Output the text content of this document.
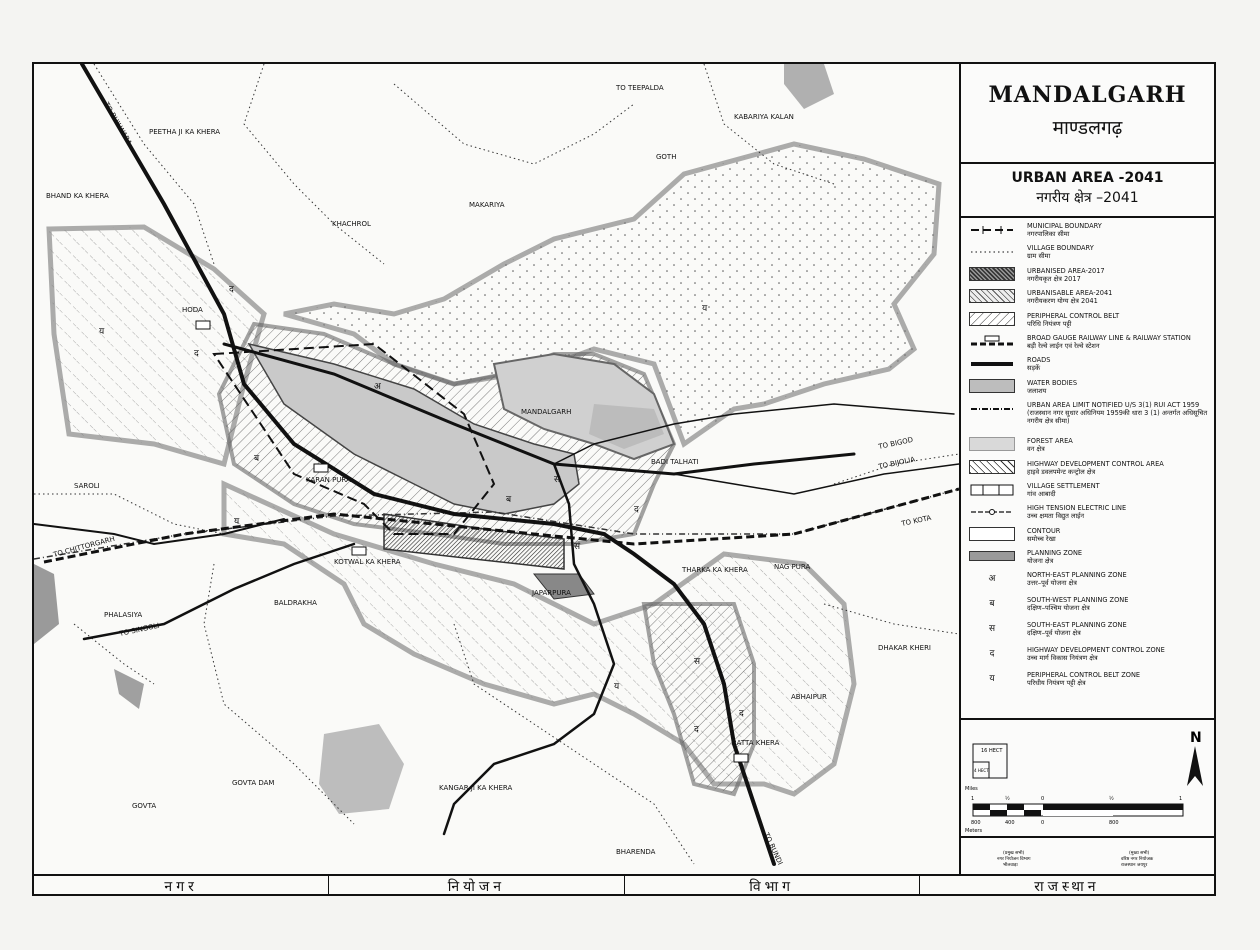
य
द
द
ब
य
अ
स
ब
द
सं
य
य
स
द
द
PEETHA JI KA KHERA
BHAND KA KHERA
KHACHROL
MAKARIYA
GOTH
KABARIYA KALAN
HODA
MANDALGARH
SAROLI
KARAN PURA
BADI TALHATI
KOTWAL KA KHERA
BALDRAKHA
PHALASIYA
JAPARPURA
THARKA KA KHERA	NAG PURA
ABHAIPUR
DHAKAR KHERI
RATTA KHERA
KANGAR JI KA KHERA
GOVTA
BHARENDA
TO BHILWARA
TO TEEPALDA
TO CHITTORGARH
TO SINGOLI
TO BIGOD
TO BIJOLIA
TO KOTA
GOVTA DAM
TO BUNDI
MANDALGARH
माण्डलगढ़
URBAN AREA -2041
नगरीय क्षेत्र –2041
MUNICIPAL BOUNDARY
नगरपालिका सीमा
VILLAGE BOUNDARY
ग्राम सीमा
URBANISED AREA-2017
नगरीयकृत क्षेत्र 2017
URBANISABLE AREA-2041
नगरीयकरण योग्य क्षेत्र 2041
PERIPHERAL CONTROL BELT
परिधि नियंत्रण पट्टी
BROAD GAUGE RAILWAY LINE & RAILWAY STATION
बड़ी रेल्वे लाईन एवं रेल्वे स्टेशन
ROADS
सड़कें
WATER BODIES
जलाशय
URBAN AREA LIMIT NOTIFIED U/S 3(1) RUI ACT 1959
(राजस्थान नगर सुधार अधिनियम 1959की धारा 3 (1) अन्तर्गत अधिसूचित नगरीय क्षेत्र सीमा)
FOREST AREA
वन क्षेत्र
HIGHWAY DEVELOPMENT CONTROL AREA
हाइवे डवलपमेन्ट कन्ट्रोल क्षेत्र
VILLAGE SETTLEMENT
गांव आबादी
HIGH TENSION ELECTRIC LINE
उच्च क्षमता विद्युत लाईन
CONTOUR
समोच्च रेखा
PLANNING ZONE
योजना क्षेत्र
अ	NORTH-EAST PLANNING ZONE
उत्तर–पूर्व योजना क्षेत्र
ब	SOUTH-WEST PLANNING ZONE
दक्षिण–पश्चिम योजना क्षेत्र
स	SOUTH-EAST PLANNING ZONE
दक्षिण–पूर्व योजना क्षेत्र
द	HIGHWAY DEVELOPMENT CONTROL ZONE
उच्च मार्ग विकास नियंत्रण क्षेत्र
य	PERIPHERAL CONTROL BELT ZONE
परिधीय नियंत्रण पट्टी क्षेत्र
16 HECT
4 HECT
N
Miles
1	½	0	½	1
800	400	0	800
Meters
(प्रमुख सभी)
नगर नियोजन विभाग
भीलवाड़ा
(मुख्य सभी)
वरिष्ठ नगर नियोजक
राजस्थान जयपुर
नगर	नियोजन	विभाग	राजस्थान
